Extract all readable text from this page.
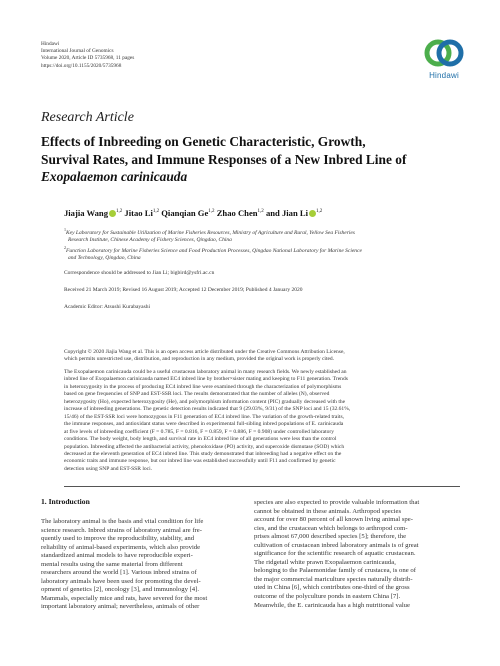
Hindawi
International Journal of Genomics
Volume 2020, Article ID 5735968, 11 pages
https://doi.org/10.1155/2020/5735968
Hindawi
Research Article
Effects of Inbreeding on Genetic Characteristic, Growth,
Survival Rates, and Immune Responses of a New Inbred Line of
Exopalaemon carinicauda
Jiajia Wang $^{1,2}$ Jitao Li$^{1,2}$ Qianqian Ge$^{1,2}$ Zhao Chen$^{1,2}$ and Jian Li $^{1,2}$
$^1$Key Laboratory for Sustainable Utilization of Marine Fisheries Resources, Ministry of Agriculture and Rural, Yellow Sea Fisheries
Research Institute, Chinese Academy of Fishery Sciences, Qingdao, China
$^2$Function Laboratory for Marine Fisheries Science and Food Production Processes, Qingdao National Laboratory for Marine Science
and Technology, Qingdao, China
Correspondence should be addressed to Jian Li; bigbird@ysfri.ac.cn
Received 21 March 2019; Revised 16 August 2019; Accepted 12 December 2019; Published 4 January 2020
Academic Editor: Atsushi Kurabayashi
Copyright © 2020 Jiajia Wang et al. This is an open access article distributed under the Creative Commons Attribution License,
which permits unrestricted use, distribution, and reproduction in any medium, provided the original work is properly cited.
The Exopalaemon carinicauda could be a useful crustacean laboratory animal in many research fields. We newly established an
inbred line of Exopalaemon carinicauda named EC4 inbred line by brother×sister mating and keeping to F11 generation. Trends
in heterozygosity in the process of producing EC4 inbred line were examined through the characterization of polymorphisms
based on gene frequencies of SNP and EST-SSR loci. The results demonstrated that the number of alleles (N), observed
heterozygosity (Ho), expected heterozygosity (He), and polymorphism information content (PIC) gradually decreased with the
increase of inbreeding generations. The genetic detection results indicated that 9 (29.03%, 9/31) of the SNP loci and 15 (32.61%,
15/46) of the EST-SSR loci were homozygous in F11 generation of EC4 inbred line. The variation of the growth-related traits,
the immune responses, and antioxidant status were described in experimental full-sibling inbred populations of E. carinicauda
at five levels of inbreeding coefficient (F = 0.785, F = 0.816, F = 0.859, F = 0.886, F = 0.908) under controlled laboratory
conditions. The body weight, body length, and survival rate in EC4 inbred line of all generations were less than the control
population. Inbreeding affected the antibacterial activity, phenoloxidase (PO) activity, and superoxide dismutase (SOD) which
decreased at the eleventh generation of EC4 inbred line. This study demonstrated that inbreeding had a negative effect on the
economic traits and immune response, but our inbred line was established successfully until F11 and confirmed by genetic
detection using SNP and EST-SSR loci.
1. Introduction
The laboratory animal is the basis and vital condition for life
science research. Inbred strains of laboratory animal are fre-
quently used to improve the reproducibility, stability, and
reliability of animal-based experiments, which also provide
standardized animal models to have reproducible experi-
mental results using the same material from different
researchers around the world [1]. Various inbred strains of
laboratory animals have been used for promoting the devel-
opment of genetics [2], oncology [3], and immunology [4].
Mammals, especially mice and rats, have severed for the most
important laboratory animal; nevertheless, animals of other
species are also expected to provide valuable information that
cannot be obtained in these animals. Arthropod species
account for over 80 percent of all known living animal spe-
cies, and the crustacean which belongs to arthropod com-
prises almost 67,000 described species [5]; therefore, the
cultivation of crustacean inbred laboratory animals is of great
significance for the scientific research of aquatic crustacean.
The ridgetail white prawn Exopalaemon carinicauda,
belonging to the Palaemonidae family of crustacea, is one of
the major commercial mariculture species naturally distrib-
uted in China [6], which contributes one-third of the gross
outcome of the polyculture ponds in eastern China [7].
Meanwhile, the E. carinicauda has a high nutritional value
